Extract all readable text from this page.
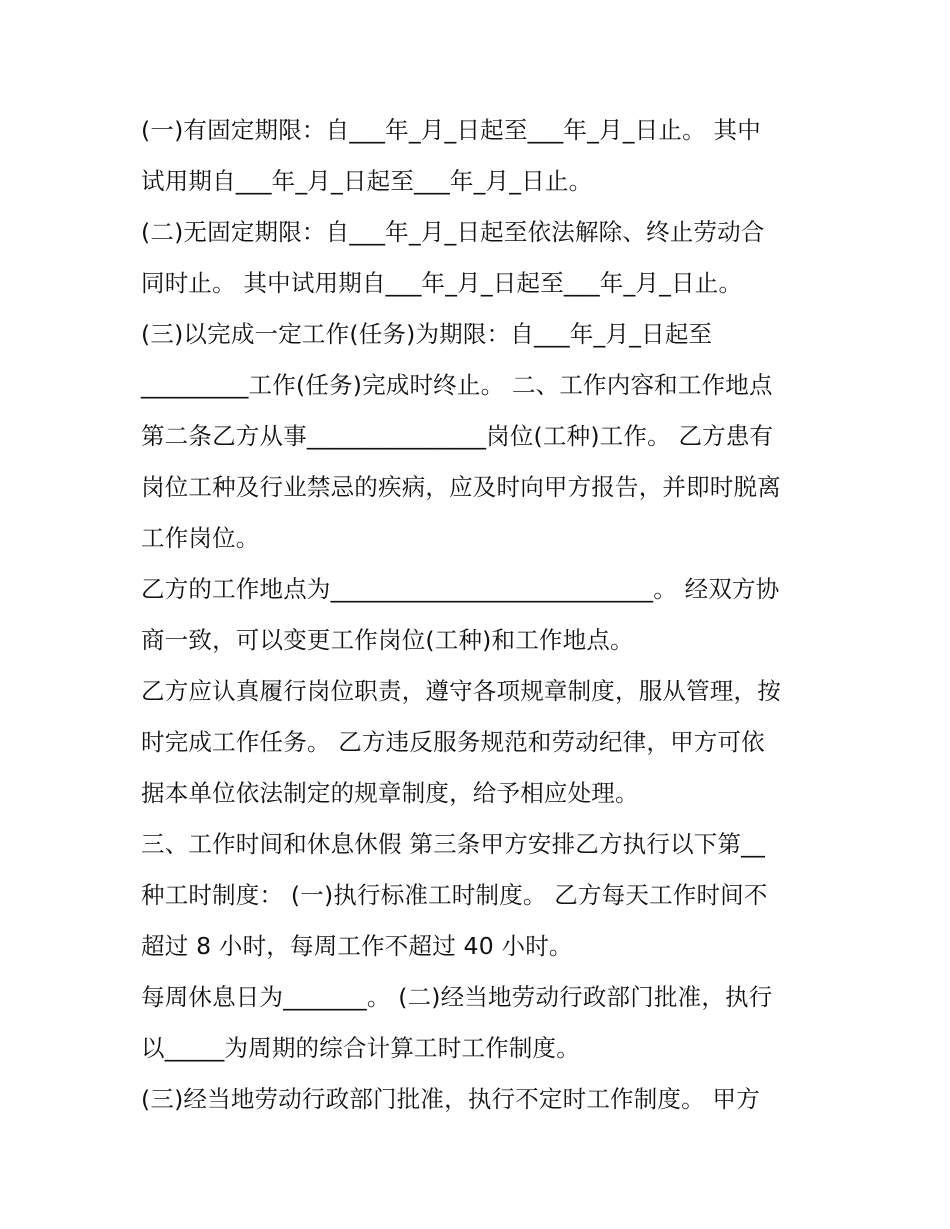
(一)有固定期限：自___年_月_日起至___年_月_日止。 其中
试用期自___年_月_日起至___年_月_日止。
(二)无固定期限：自___年_月_日起至依法解除、终止劳动合
同时止。 其中试用期自___年_月_日起至___年_月_日止。
(三)以完成一定工作(任务)为期限：自___年_月_日起至
_________工作(任务)完成时终止。 二、工作内容和工作地点
第二条乙方从事_______________岗位(工种)工作。 乙方患有
岗位工种及行业禁忌的疾病，应及时向甲方报告，并即时脱离
工作岗位。
乙方的工作地点为___________________________。 经双方协
商一致，可以变更工作岗位(工种)和工作地点。
乙方应认真履行岗位职责，遵守各项规章制度，服从管理，按
时完成工作任务。 乙方违反服务规范和劳动纪律，甲方可依
据本单位依法制定的规章制度，给予相应处理。
三、工作时间和休息休假 第三条甲方安排乙方执行以下第__
种工时制度： (一)执行标准工时制度。 乙方每天工作时间不
超过 8 小时，每周工作不超过 40 小时。
每周休息日为_______。 (二)经当地劳动行政部门批准，执行
以_____为周期的综合计算工时工作制度。
(三)经当地劳动行政部门批准，执行不定时工作制度。 甲方
